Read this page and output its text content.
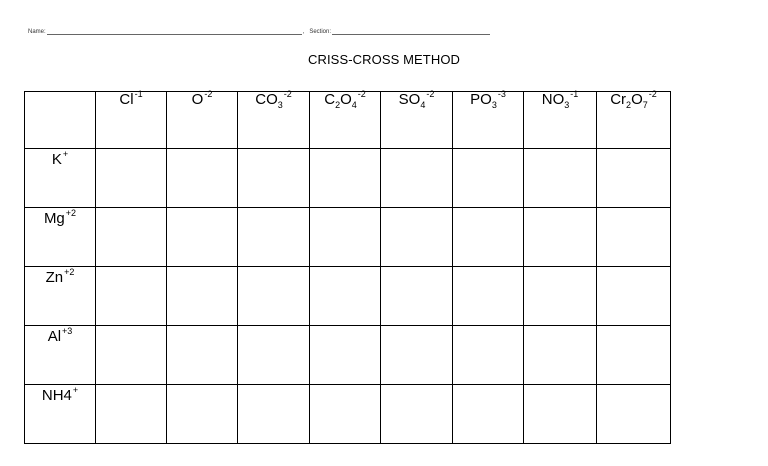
Name:	, Section:
CRISS-CROSS METHOD
	$Cl^{-1}$	$O^{-2}$	$CO_3^{-2}$	$C_2O_4^{-2}$	$SO_4^{-2}$	$PO_3^{-3}$	$NO_3^{-1}$	$Cr_2O_7^{-2}$
K+								
$Mg^{+2}$								
$Zn^{+2}$								
$Al^{+3}$								
NH4+								
